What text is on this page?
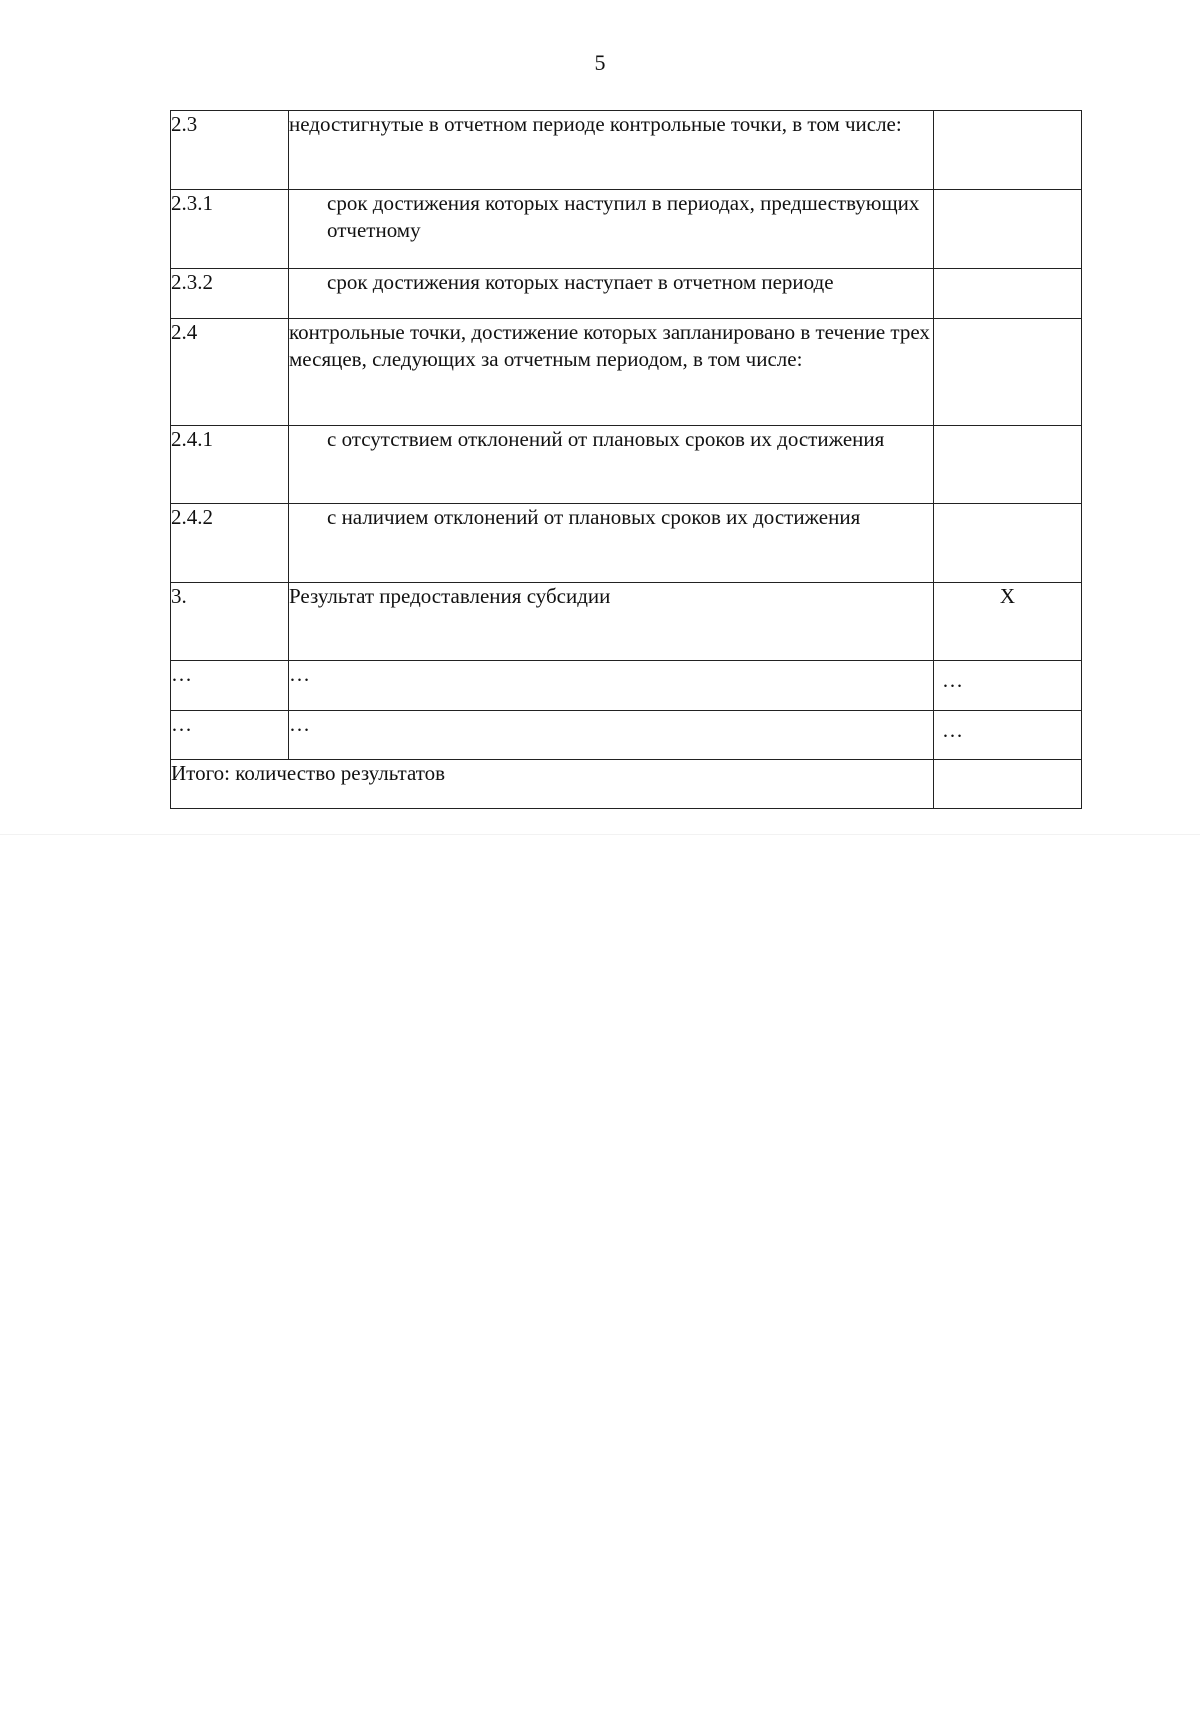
5
2.3	недостигнутые в отчетном периоде контрольные точки, в том числе:	
2.3.1	срок достижения которых наступил в периодах, предшествующих отчетному	
2.3.2	срок достижения которых наступает в отчетном периоде	
2.4	контрольные точки, достижение которых запланировано в течение трех месяцев, следующих за отчетным периодом, в том числе:	
2.4.1	с отсутствием отклонений от плановых сроков их достижения	
2.4.2	с наличием отклонений от плановых сроков их достижения	
3.	Результат предоставления субсидии	X
…	…	…
…	…	…
Итого: количество результатов		
